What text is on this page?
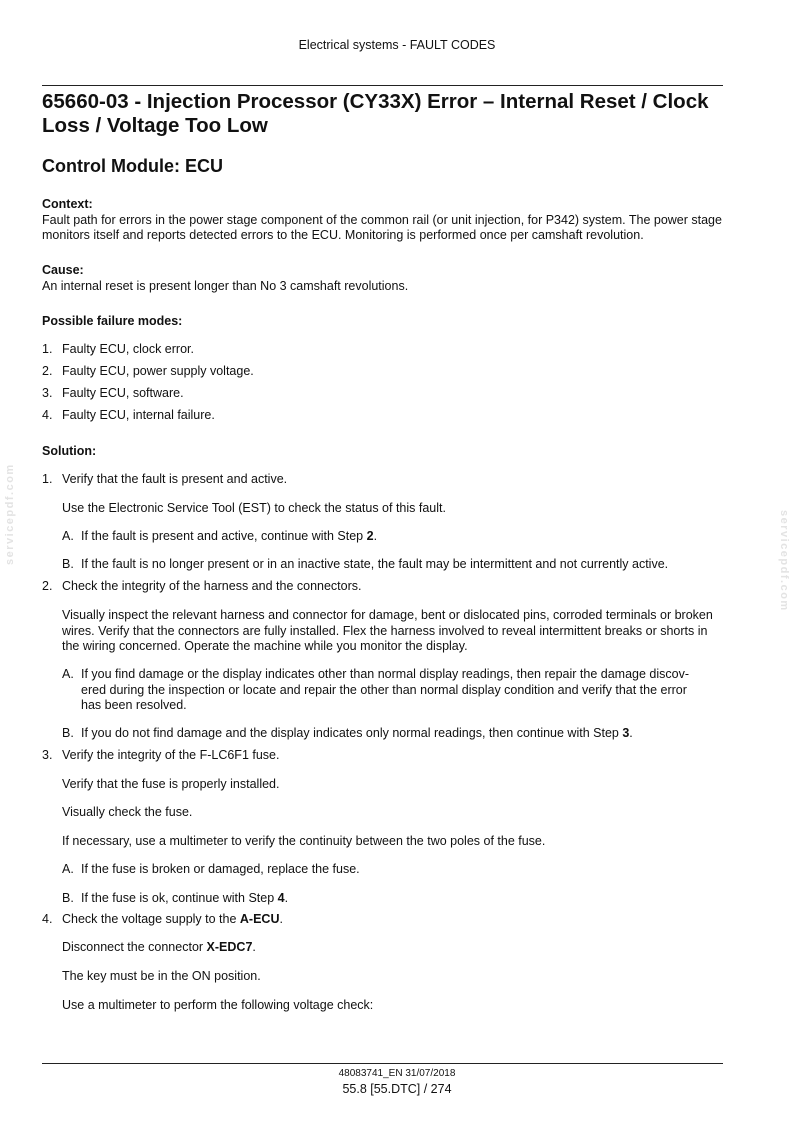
Electrical systems - FAULT CODES
65660-03 - Injection Processor (CY33X) Error – Internal Reset / Clock Loss / Voltage Too Low
Control Module: ECU
Context:
Fault path for errors in the power stage component of the common rail (or unit injection, for P342) system. The power stage monitors itself and reports detected errors to the ECU. Monitoring is performed once per camshaft revolution.
Cause:
An internal reset is present longer than No 3 camshaft revolutions.
Possible failure modes:
1. Faulty ECU, clock error.
2. Faulty ECU, power supply voltage.
3. Faulty ECU, software.
4. Faulty ECU, internal failure.
Solution:
1. Verify that the fault is present and active.
Use the Electronic Service Tool (EST) to check the status of this fault.
A. If the fault is present and active, continue with Step 2.
B. If the fault is no longer present or in an inactive state, the fault may be intermittent and not currently active.
2. Check the integrity of the harness and the connectors.
Visually inspect the relevant harness and connector for damage, bent or dislocated pins, corroded terminals or broken wires. Verify that the connectors are fully installed. Flex the harness involved to reveal intermittent breaks or shorts in the wiring concerned. Operate the machine while you monitor the display.
A. If you find damage or the display indicates other than normal display readings, then repair the damage discov-
ered during the inspection or locate and repair the other than normal display condition and verify that the error
has been resolved.
B. If you do not find damage and the display indicates only normal readings, then continue with Step 3.
3. Verify the integrity of the F-LC6F1 fuse.
Verify that the fuse is properly installed.
Visually check the fuse.
If necessary, use a multimeter to verify the continuity between the two poles of the fuse.
A. If the fuse is broken or damaged, replace the fuse.
B. If the fuse is ok, continue with Step 4.
4. Check the voltage supply to the A-ECU.
Disconnect the connector X-EDC7.
The key must be in the ON position.
Use a multimeter to perform the following voltage check:
servicepdf.com	servicepdf.com
48083741_EN 31/07/2018
55.8 [55.DTC] / 274
